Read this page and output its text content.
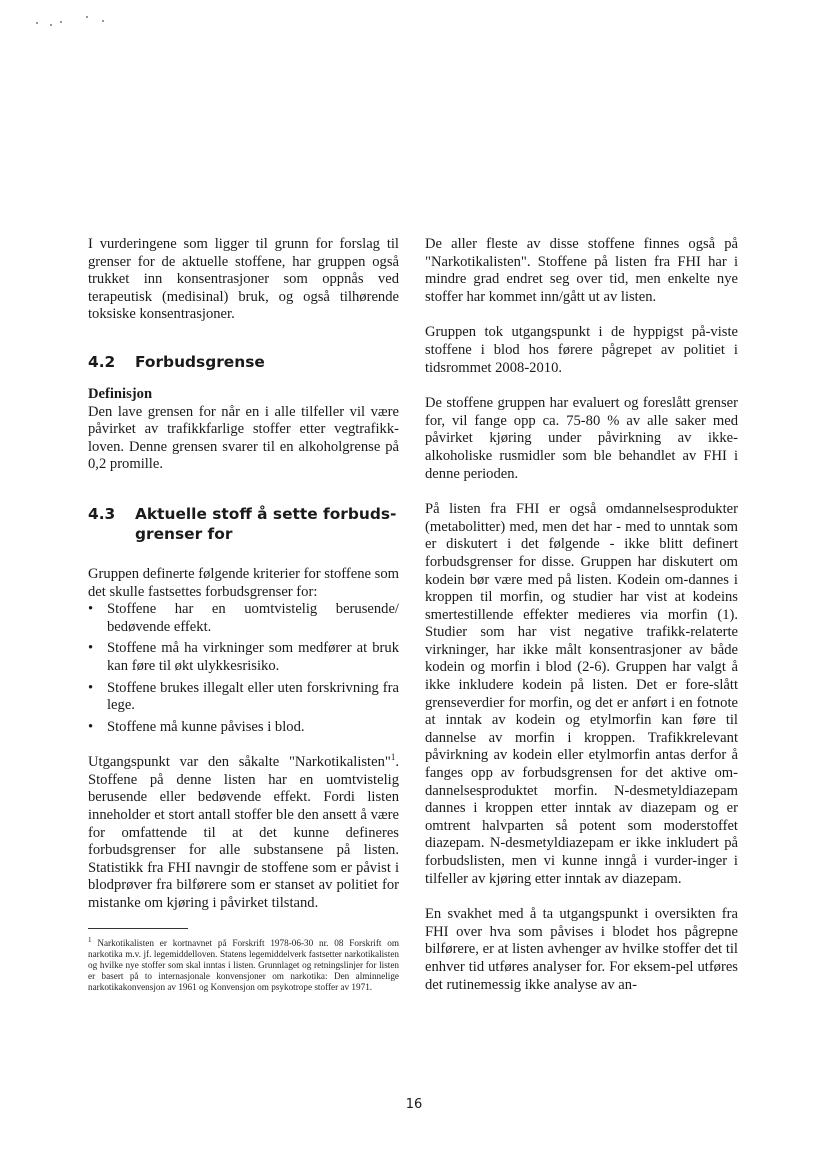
I vurderingene som ligger til grunn for forslag til grenser for de aktuelle stoffene, har gruppen også trukket inn konsentrasjoner som oppnås ved terapeutisk (medisinal) bruk, og også tilhørende toksiske konsentrasjoner.

4.2	Forbudsgrense

Definisjon

Den lave grensen for når en i alle tilfeller vil være påvirket av trafikkfarlige stoffer etter vegtrafikk-loven. Denne grensen svarer til en alkoholgrense på 0,2 promille.

4.3	Aktuelle stoff å sette forbuds-grenser for

Gruppen definerte følgende kriterier for stoffene som det skulle fastsettes forbudsgrenser for:

• Stoffene har en uomtvistelig berusende/ bedøvende effekt.
• Stoffene må ha virkninger som medfører at bruk kan føre til økt ulykkesrisiko.
• Stoffene brukes illegalt eller uten forskrivning fra lege.
• Stoffene må kunne påvises i blod.

Utgangspunkt var den såkalte "Narkotikalisten"$^1$. Stoffene på denne listen har en uomtvistelig berusende eller bedøvende effekt. Fordi listen inneholder et stort antall stoffer ble den ansett å være for omfattende til at det kunne defineres forbudsgrenser for alle substansene på listen. Statistikk fra FHI navngir de stoffene som er påvist i blodprøver fra bilførere som er stanset av politiet for mistanke om kjøring i påvirket tilstand.

$^1$ Narkotikalisten er kortnavnet på Forskrift 1978-06-30 nr. 08 Forskrift om narkotika m.v. jf. legemiddelloven. Statens legemiddelverk fastsetter narkotikalisten og hvilke nye stoffer som skal inntas i listen. Grunnlaget og retningslinjer for listen er basert på to internasjonale konvensjoner om narkotika: Den alminnelige narkotikakonvensjon av 1961 og Konvensjon om psykotrope stoffer av 1971.

De aller fleste av disse stoffene finnes også på "Narkotikalisten". Stoffene på listen fra FHI har i mindre grad endret seg over tid, men enkelte nye stoffer har kommet inn/gått ut av listen.

Gruppen tok utgangspunkt i de hyppigst på-viste stoffene i blod hos førere pågrepet av politiet i tidsrommet 2008-2010.

De stoffene gruppen har evaluert og foreslått grenser for, vil fange opp ca. 75-80 % av alle saker med påvirket kjøring under påvirkning av ikke-alkoholiske rusmidler som ble behandlet av FHI i denne perioden.

På listen fra FHI er også omdannelsesprodukter (metabolitter) med, men det har - med to unntak som er diskutert i det følgende - ikke blitt definert forbudsgrenser for disse. Gruppen har diskutert om kodein bør være med på listen. Kodein om-dannes i kroppen til morfin, og studier har vist at kodeins smertestillende effekter medieres via morfin (1). Studier som har vist negative trafikk-relaterte virkninger, har ikke målt konsentrasjoner av både kodein og morfin i blod (2-6). Gruppen har valgt å ikke inkludere kodein på listen. Det er fore-slått grenseverdier for morfin, og det er anført i en fotnote at inntak av kodein og etylmorfin kan føre til dannelse av morfin i kroppen. Trafikkrelevant påvirkning av kodein eller etylmorfin antas derfor å fanges opp av forbudsgrensen for det aktive om-dannelsesproduktet morfin. N-desmetyldiazepam dannes i kroppen etter inntak av diazepam og er omtrent halvparten så potent som moderstoffet diazepam. N-desmetyldiazepam er ikke inkludert på forbudslisten, men vi kunne inngå i vurder-inger i tilfeller av kjøring etter inntak av diazepam.

En svakhet med å ta utgangspunkt i oversikten fra FHI over hva som påvises i blodet hos pågrepne bilførere, er at listen avhenger av hvilke stoffer det til enhver tid utføres analyser for. For eksem-pel utføres det rutinemessig ikke analyse av an-

16
